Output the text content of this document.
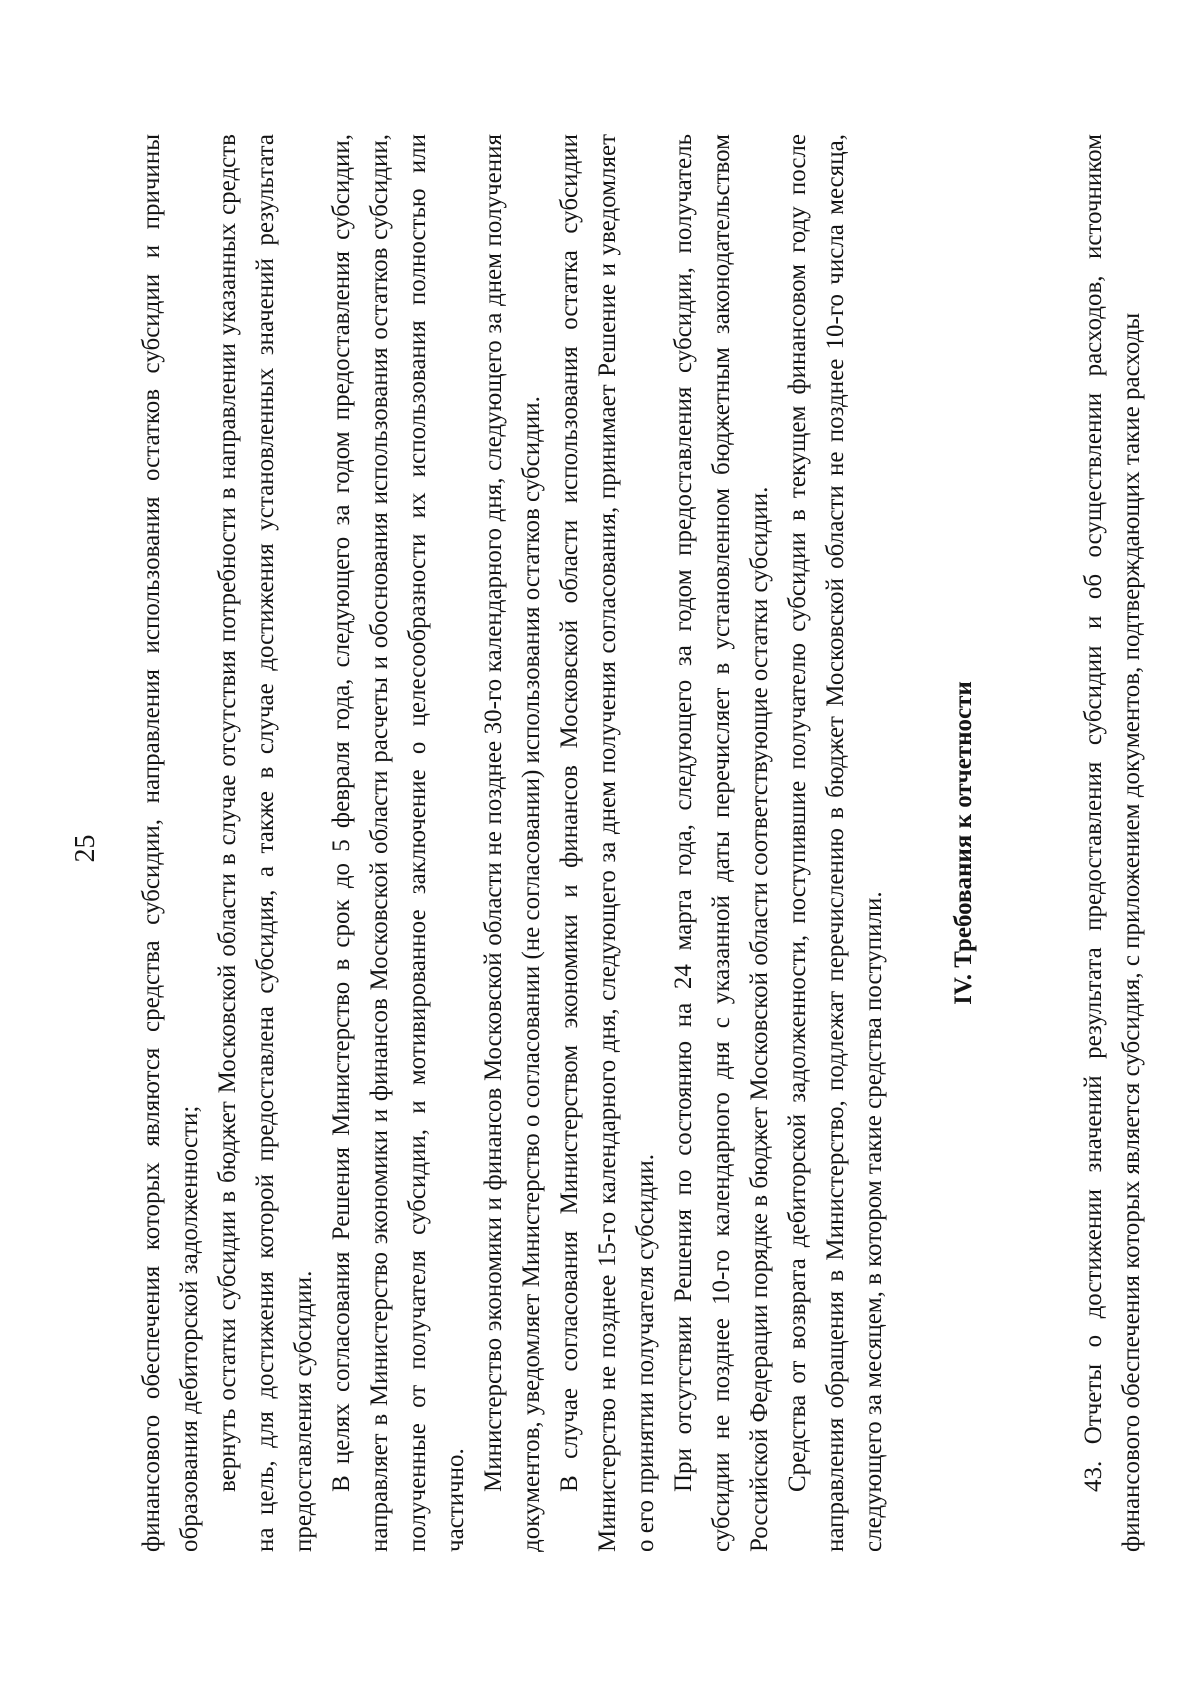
25 финансового обеспечения которых являются средства субсидии, направления использования остатков субсидии и причины образования дебиторской задолженности; вернуть остатки субсидии в бюджет Московской области в случае отсутствия потребности в направлении указанных средств на цель, для достижения которой предоставлена субсидия, а также в случае достижения установленных значений результата предоставления субсидии. В целях согласования Решения Министерство в срок до 5 февраля года, следующего за годом предоставления субсидии, направляет в Министерство экономики и финансов Московской области расчеты и обоснования использования остатков субсидии, полученные от получателя субсидии, и мотивированное заключение о целесообразности их использования полностью или частично.

Министерство экономики и финансов Московской области не позднее 30-го календарного дня, следующего за днем получения документов, уведомляет Министерство о согласовании (не согласовании) использования остатков субсидии. В случае согласования Министерством экономики и финансов Московской области использования остатка субсидии Министерство не позднее 15-го календарного дня, следующего за днем получения согласования, принимает Решение и уведомляет о его принятии получателя субсидии. При отсутствии Решения по состоянию на 24 марта года, следующего за годом предоставления субсидии, получатель субсидии не позднее 10-го календарного дня с указанной даты перечисляет в установленном бюджетным законодательством Российской Федерации порядке в бюджет Московской области соответствующие остатки субсидии. Средства от возврата дебиторской задолженности, поступившие получателю субсидии в текущем финансовом году после направления обращения в Министерство, подлежат перечислению в бюджет Московской области не позднее 10-го числа месяца, следующего за месяцем, в котором такие средства поступили.

IV. Требования к отчетности	43. Отчеты о достижении значений результата предоставления субсидии и об осуществлении расходов, источником финансового обеспечения которых является субсидия, с приложением документов, подтверждающих такие расходы
